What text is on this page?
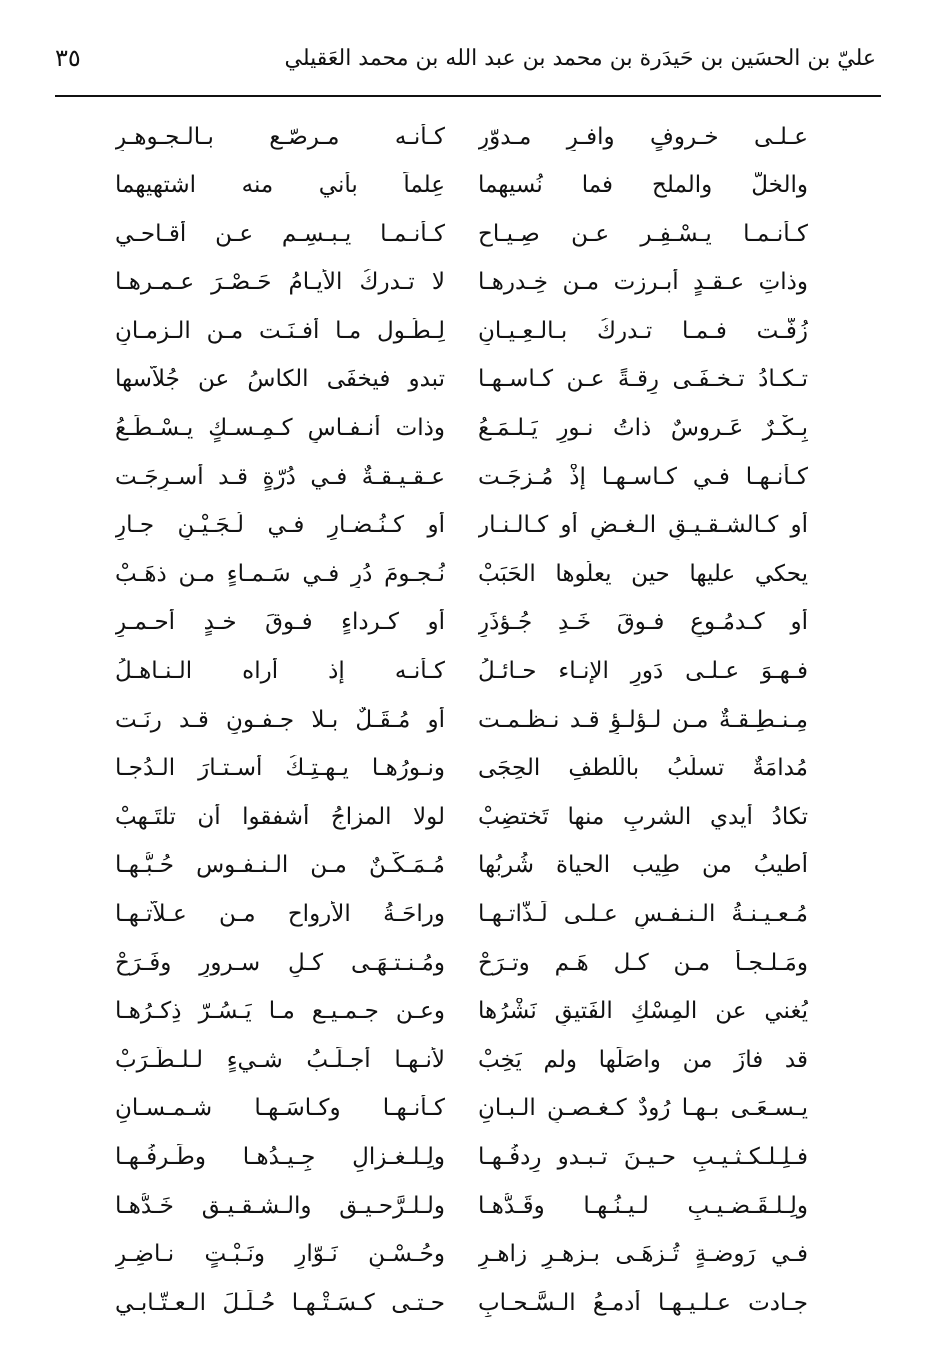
عليّ بن الحسَين بن حَيدَرة بن محمد بن عبد الله بن محمد العَقيلي
٣٥
عـلـى خـروفٍ وافـرٍ مـدوّرِ
كـأنـه مـرصّـع بـالـجـوهـرِ
والخلّ والملح فما نُسيهما
عِلماً بأني منه اشتهيهما
كـأنـمـا يـسْـفِـر عـن صِـيـاحِ
كـأنـمـا يـبـسِـم عـن أقـاحـي
وذاتِ عـقـدٍ أبـرزت مـن خِـدرهـا
لا تـدركُ الأيـامُ حَـصْـرَ عـمـرهـا
زُفّـت فـمـا تـدركُ بـالـعِـيـانِ
لِـطُـول مـا أفـنَـت مـن الـزمـانِ
تـكـادُ تـخـفَـى رِقـةً عـن كـاسـهـا
تبدو فيخفَى الكاسُ عن جُلاّسها
بِـكْـرٌ عَـروسٌ ذاتُ نـورٍ يَـلـمَـعُ
وذات أنـفـاسٍ كـمِـسـكٍ يـسْـطَـعُ
كـأنـهـا فـي كـاسـهـا إذْ مُـزجَـت
عـقـيـقـةٌ فـي دُرّةٍ قـد أُسـرِجَـت
أو كـالشـقـيـقِ الـغـضِ أو كـالـنـار
أو كـنُـضـارٍ فـي لُـجَـيْـنٍ جـارِ
يحكي عليها حين يعلُوها الحَبَبْ
نُـجـومَ دُرٍ فـي سَـمـاءٍ مـن ذهَـبْ
أو كـدمُـوعٍ فـوقَ خَـدِ جُـؤذَرِ
أو كـرداءٍ فـوقَ خـدٍ أحـمـرِ
فـهـوَ عـلـى دَورِ الإنـاء حـائـلُ
كـأنـه إذ أراه الـنـاهـلُ
مِـنـطِـقـةٌ مـن لـؤلـؤٍ قـد نـظـمـت
أو مُـقَـلٌ بـلا جـفـونٍ قـد رنَـت
مُدامَةٌ تسلُبُ بالُلطفِ الحِجَى
ونـورُهـا يـهـتِـكُ أسـتـارَ الـدُجـا
تكادُ أيدي الشربِ منها تَختضِبْ
لولا المزاجُ أشفقوا أن تلتَـهِبْ
أطيبُ من طِيب الحياة شُربُها
مُـمَـكّـنٌ مـن الـنـفـوس حُـبُّـهـا
مُـعـيـنـةُ الـنـفـسِ عـلـى لَـذّاتـهـا
وراحَـةُ الأرواح مـن عـلاّتـهـا
ومَـلـجـأٌ مـن كـل هَـمٍ وتـرَحْ
ومُـنـتـهَـى كـلٍ سـرورٍ وفَـرَحْ
يُغني عن المِسْكِ الفَتيقِ نَشْرُها
وعـن جـمـيـع مـا يَـسُـرّ ذِكـرُهـا
قد فازَ من واصَلَها ولم يَخِبْ
لأنـهـا أجـلَـبُ شـيءٍ لـلـطَّـرَبْ
يـسـعَـى بـهـا رُودٌ كـغـصـنِ الـبـانِ
كـأنـهـا وكـاسَـهـا شـمـسـانِ
فـلِـلـكـثـيـبِ حـيـنَ تـبـدو رِدفُـهـا
ولِـلـغـزالِ جِـيـدُهـا وطَـرفُـهـا
ولِـلـقَـضـيـبِ لـيـنُـهـا وقَـدُّهـا
ولـلـرَّحـيـق والـشـقـيـق خَـدُّهـا
فـي رَوضـةٍ تُـزهَـى بـزهـرٍ زاهـرِ
وحُـسْـنِ نَـوّارٍ ونَـبْـتٍ نـاضِـرِ
جـادت عـلـيـهـا أدمـعُ الـسَّـحـابِ
حـتـى كـسَـتْـهـا حُـلَـلَ الـعـتّـابـي
